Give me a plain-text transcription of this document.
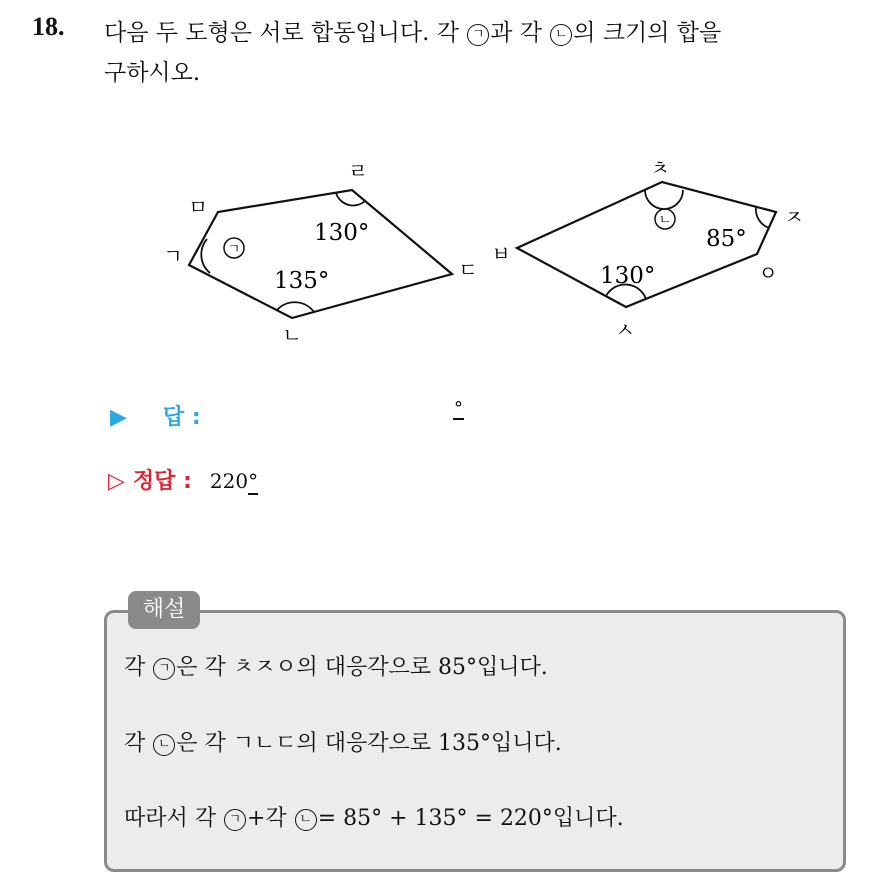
18. 다음 두 도형은 서로 합동입니다. 각 ㄱ 과 각 ㄴ 의 크기의 합을
구하시오.
ㄱ
ㄱ
ㄴ
ㄷ
ㄹ
ㅁ
130°
135°
ㄴ
ㅂ
ㅅ
ㅇ
ㅈ
ㅊ
85°
130°
▶ 답 :	°
▷ 정답 : 220°
해설
각 ㄱ 은 각 ㅊㅈㅇ의 대응각으로 85°입니다.
각 ㄴ 은 각 ㄱㄴㄷ의 대응각으로 135°입니다.
따라서 각 ㄱ +각 ㄴ = 85° + 135° = 220°입니다.
